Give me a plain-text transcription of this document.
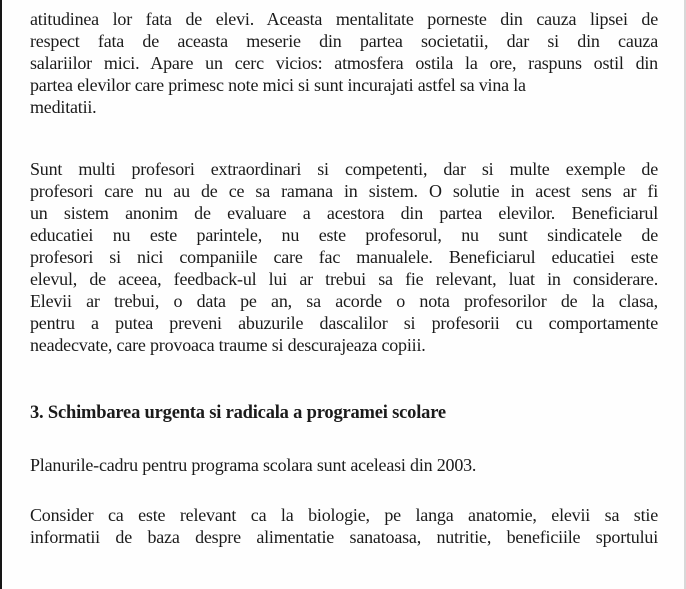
atitudinea lor fata de elevi. Aceasta mentalitate porneste din cauza lipsei de
respect fata de aceasta meserie din partea societatii, dar si din cauza
salariilor mici. Apare un cerc vicios: atmosfera ostila la ore, raspuns ostil din
partea elevilor care primesc note mici si sunt incurajati astfel sa vina la
meditatii.
Sunt multi profesori extraordinari si competenti, dar si multe exemple de
profesori care nu au de ce sa ramana in sistem. O solutie in acest sens ar fi
un sistem anonim de evaluare a acestora din partea elevilor. Beneficiarul
educatiei nu este parintele, nu este profesorul, nu sunt sindicatele de
profesori si nici companiile care fac manualele. Beneficiarul educatiei este
elevul, de aceea, feedback-ul lui ar trebui sa fie relevant, luat in considerare.
Elevii ar trebui, o data pe an, sa acorde o nota profesorilor de la clasa,
pentru a putea preveni abuzurile dascalilor si profesorii cu comportamente
neadecvate, care provoaca traume si descurajeaza copiii.
3. Schimbarea urgenta si radicala a programei scolare
Planurile-cadru pentru programa scolara sunt aceleasi din 2003.
Consider ca este relevant ca la biologie, pe langa anatomie, elevii sa stie
informatii de baza despre alimentatie sanatoasa, nutritie, beneficiile sportului
